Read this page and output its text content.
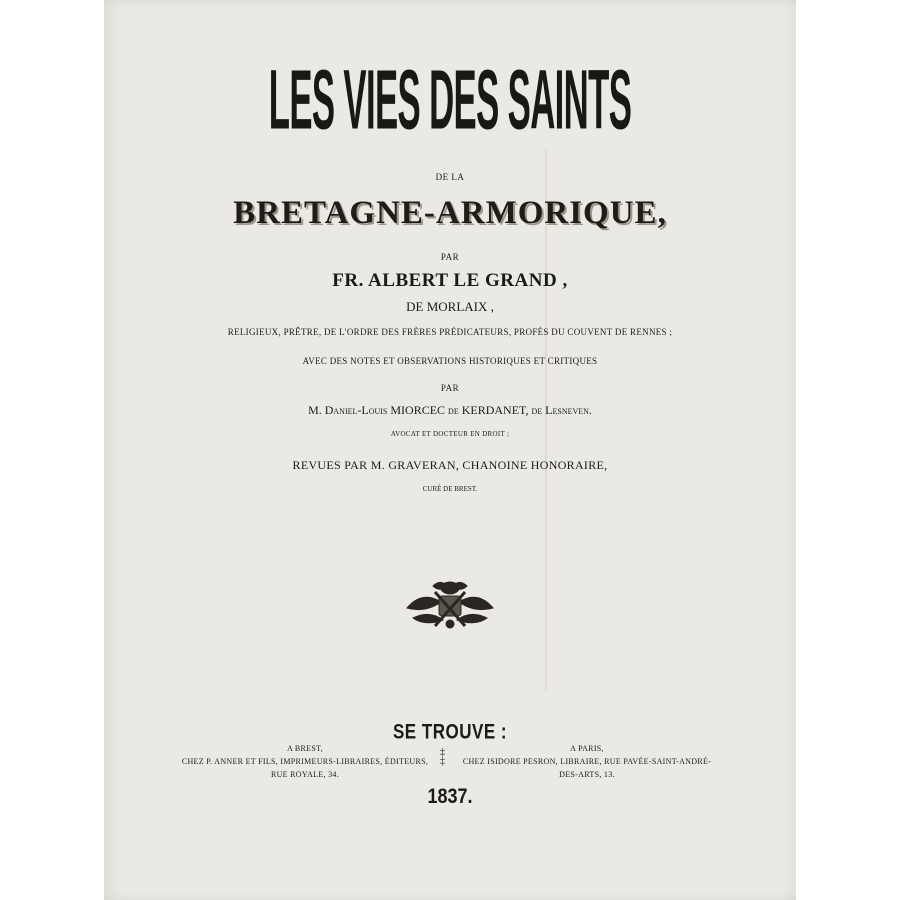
LES VIES DES SAINTS
DE LA
BRETAGNE-ARMORIQUE,
PAR
FR. ALBERT LE GRAND ,
DE MORLAIX ,
RELIGIEUX, PRÊTRE, DE L'ORDRE DES FRÈRES PRÉDICATEURS, PROFÈS DU COUVENT DE RENNES ;
AVEC DES NOTES ET OBSERVATIONS HISTORIQUES ET CRITIQUES
PAR
M. Daniel-Louis MIORCEC de KERDANET, de Lesneven.
AVOCAT ET DOCTEUR EN DROIT ;
REVUES PAR M. GRAVERAN, CHANOINE HONORAIRE,
CURÉ DE BREST.
SE TROUVE :
A BREST,
CHEZ P. ANNER ET FILS, IMPRIMEURS-LIBRAIRES, ÉDITEURS,
RUE ROYALE, 34.
‡
‡
A PARIS,
CHEZ ISIDORE PESRON, LIBRAIRE, RUE PAVÉE-SAINT-ANDRÉ-
DES-ARTS, 13.
1837.
